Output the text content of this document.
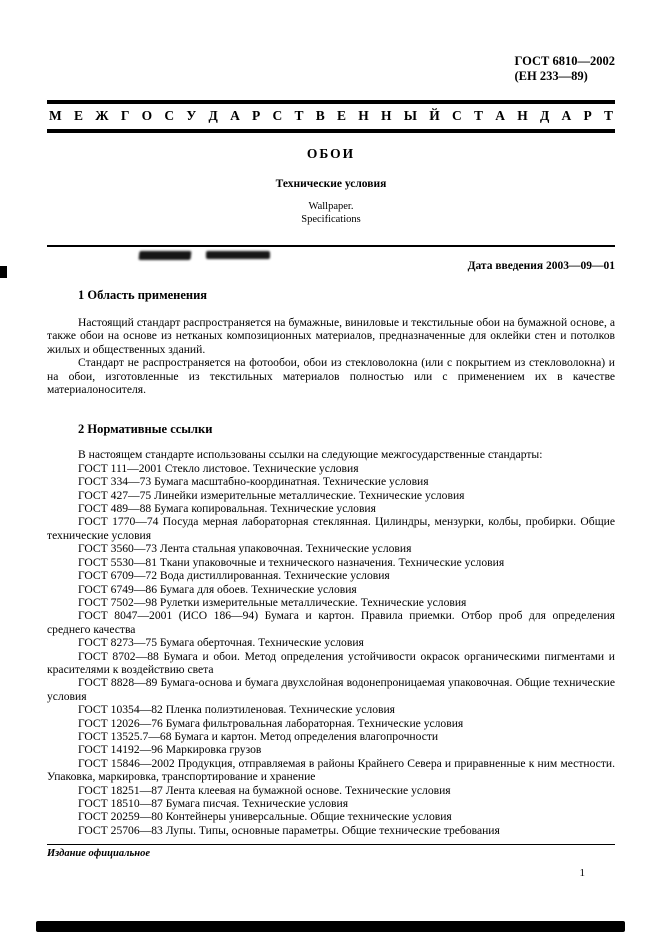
ГОСТ 6810—2002
(ЕН 233—89)
М Е Ж Г О С У Д А Р С Т В Е Н Н Ы Й С Т А Н Д А Р Т
ОБОИ
Технические условия
Wallpaper.
Specifications
Дата введения 2003—09—01
1 Область применения

Настоящий стандарт распространяется на бумажные, виниловые и текстильные обои на бумажной основе, а также обои на основе из нетканых композиционных материалов, предназначенные для оклейки стен и потолков жилых и общественных зданий.

Стандарт не распространяется на фотообои, обои из стекловолокна (или с покрытием из стекловолокна) и на обои, изготовленные из текстильных материалов полностью или с применением их в качестве материалоносителя.

2 Нормативные ссылки

В настоящем стандарте использованы ссылки на следующие межгосударственные стандарты:

ГОСТ 111—2001 Стекло листовое. Технические условия

ГОСТ 334—73 Бумага масштабно-координатная. Технические условия

ГОСТ 427—75 Линейки измерительные металлические. Технические условия

ГОСТ 489—88 Бумага копировальная. Технические условия

ГОСТ 1770—74 Посуда мерная лабораторная стеклянная. Цилиндры, мензурки, колбы, пробирки. Общие технические условия

ГОСТ 3560—73 Лента стальная упаковочная. Технические условия

ГОСТ 5530—81 Ткани упаковочные и технического назначения. Технические условия

ГОСТ 6709—72 Вода дистиллированная. Технические условия

ГОСТ 6749—86 Бумага для обоев. Технические условия

ГОСТ 7502—98 Рулетки измерительные металлические. Технические условия

ГОСТ 8047—2001 (ИСО 186—94) Бумага и картон. Правила приемки. Отбор проб для определения среднего качества

ГОСТ 8273—75 Бумага оберточная. Технические условия

ГОСТ 8702—88 Бумага и обои. Метод определения устойчивости окрасок органическими пигментами и красителями к воздействию света

ГОСТ 8828—89 Бумага-основа и бумага двухслойная водонепроницаемая упаковочная. Общие технические условия

ГОСТ 10354—82 Пленка полиэтиленовая. Технические условия

ГОСТ 12026—76 Бумага фильтровальная лабораторная. Технические условия

ГОСТ 13525.7—68 Бумага и картон. Метод определения влагопрочности

ГОСТ 14192—96 Маркировка грузов

ГОСТ 15846—2002 Продукция, отправляемая в районы Крайнего Севера и приравненные к ним местности. Упаковка, маркировка, транспортирование и хранение

ГОСТ 18251—87 Лента клеевая на бумажной основе. Технические условия

ГОСТ 18510—87 Бумага писчая. Технические условия

ГОСТ 20259—80 Контейнеры универсальные. Общие технические условия

ГОСТ 25706—83 Лупы. Типы, основные параметры. Общие технические требования

Издание официальное
1
